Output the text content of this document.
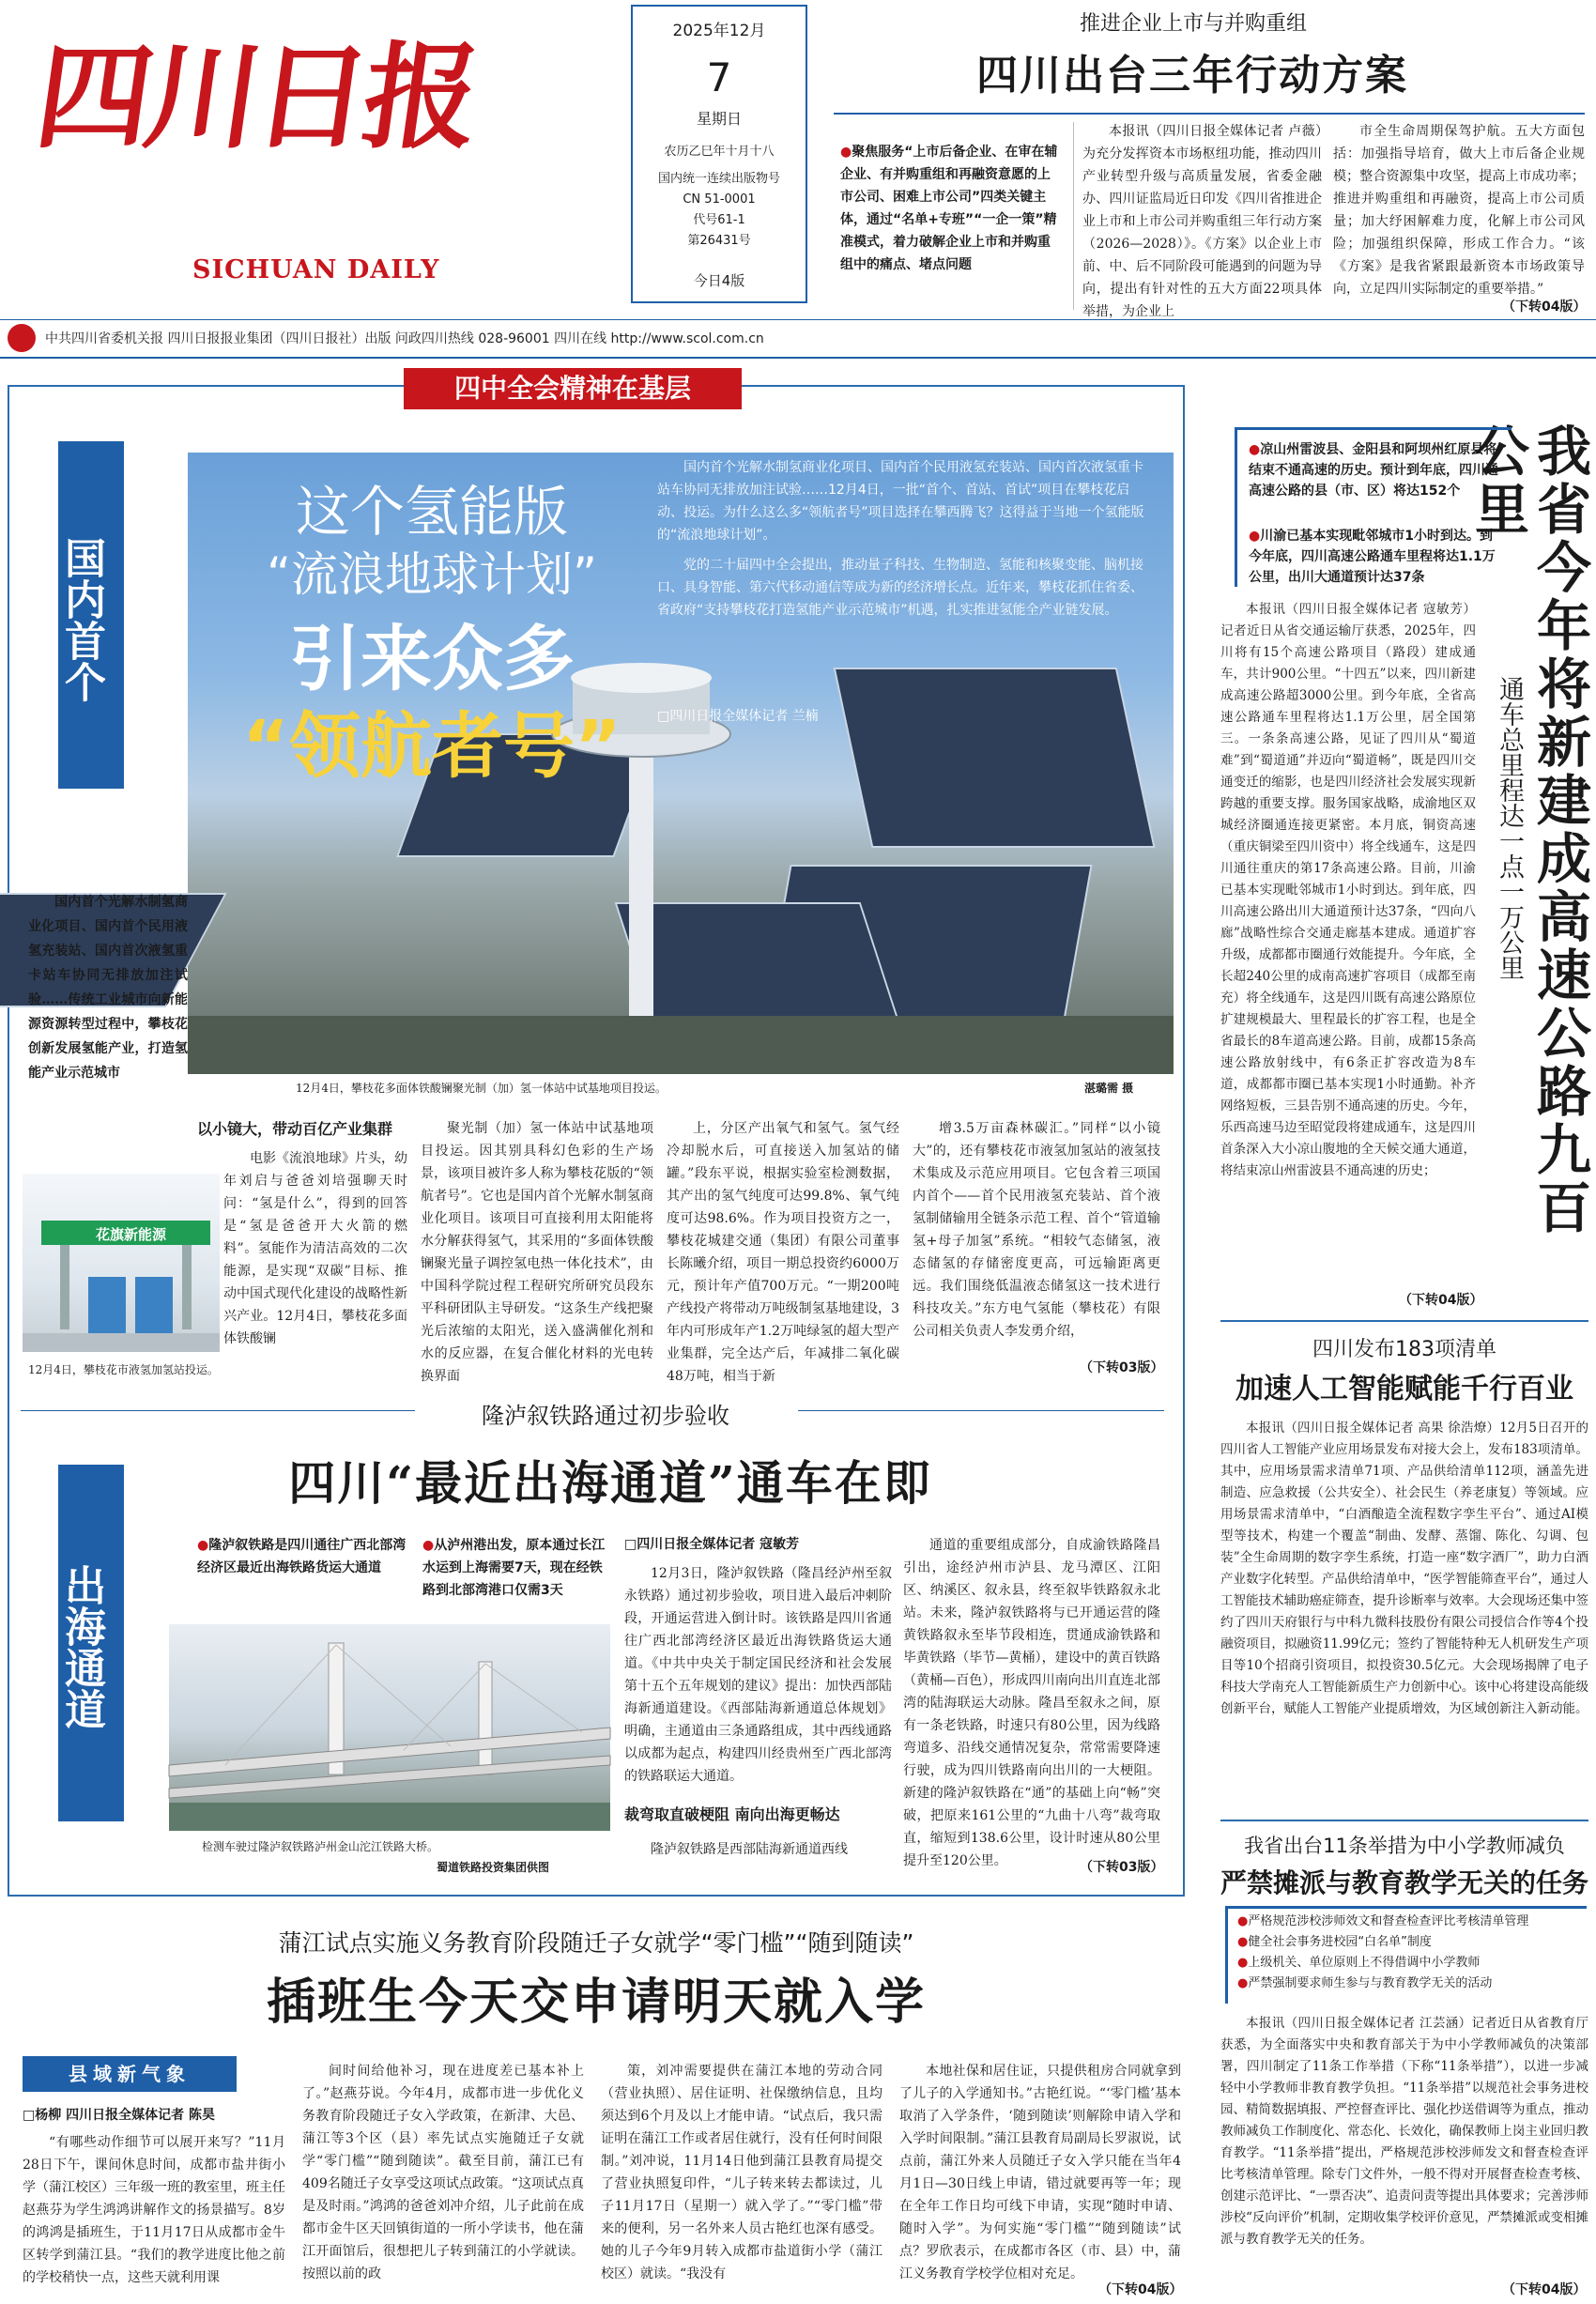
四川日报
SICHUAN DAILY
2025年12月
7
星期日
农历乙巳年十月十八
国内统一连续出版物号
CN 51-0001
代号61-1
第26431号
今日4版
推进企业上市与并购重组
四川出台三年行动方案
●聚焦服务“上市后备企业、在审在辅企业、有并购重组和再融资意愿的上市公司、困难上市公司”四类关键主体，通过“名单+专班”“一企一策”精准模式，着力破解企业上市和并购重组中的痛点、堵点问题

本报讯（四川日报全媒体记者 卢薇）为充分发挥资本市场枢纽功能，推动四川产业转型升级与高质量发展，省委金融办、四川证监局近日印发《四川省推进企业上市和上市公司并购重组三年行动方案（2026—2028）》。《方案》以企业上市前、中、后不同阶段可能遇到的问题为导向，提出有针对性的五大方面22项具体举措，为企业上

市全生命周期保驾护航。五大方面包括：加强指导培育，做大上市后备企业规模；整合资源集中攻坚，提高上市成功率；推进并购重组和再融资，提高上市公司质量；加大纾困解难力度，化解上市公司风险；加强组织保障，形成工作合力。“该《方案》是我省紧跟最新资本市场政策导向，立足四川实际制定的重要举措。”

（下转04版）
中共四川省委机关报 四川日报报业集团（四川日报社）出版 问政四川热线 028-96001 四川在线 http://www.scol.com.cn
四中全会精神在基层
国内首个
这个氢能版
“流浪地球计划”
引来众多
“领航者号”

国内首个光解水制氢商业化项目、国内首个民用液氢充装站、国内首次液氢重卡站车协同无排放加注试验……12月4日，一批“首个、首站、首试”项目在攀枝花启动、投运。为什么这么多“领航者号”项目选择在攀西腾飞？这得益于当地一个氢能版的“流浪地球计划”。

党的二十届四中全会提出，推动量子科技、生物制造、氢能和核聚变能、脑机接口、具身智能、第六代移动通信等成为新的经济增长点。近年来，攀枝花抓住省委、省政府“支持攀枝花打造氢能产业示范城市”机遇，扎实推进氢能全产业链发展。

□四川日报全媒体记者 兰楠
12月4日，攀枝花多面体铁酸镧聚光制（加）氢一体站中试基地项目投运。	湛璐需 摄

国内首个光解水制氢商业化项目、国内首个民用液氢充装站、国内首次液氢重卡站车协同无排放加注试验……传统工业城市向新能源资源转型过程中，攀枝花创新发展氢能产业，打造氢能产业示范城市

花旗新能源
12月4日，攀枝花市液氢加氢站投运。
以小镜大，带动百亿产业集群

电影《流浪地球》片头，幼年刘启与爸爸刘培强聊天时问：“氢是什么”，得到的回答是“氢是爸爸开大火箭的燃料”。氢能作为清洁高效的二次能源，是实现“双碳”目标、推动中国式现代化建设的战略性新兴产业。12月4日，攀枝花多面体铁酸镧

聚光制（加）氢一体站中试基地项目投运。因其别具科幻色彩的生产场景，该项目被许多人称为攀枝花版的“领航者号”。它也是国内首个光解水制氢商业化项目。该项目可直接利用太阳能将水分解获得氢气，其采用的“多面体铁酸镧聚光量子调控氢电热一体化技术”，由中国科学院过程工程研究所研究员段东平科研团队主导研发。“这条生产线把聚光后浓缩的太阳光，送入盛满催化剂和水的反应器，在复合催化材料的光电转换界面

上，分区产出氧气和氢气。氢气经冷却脱水后，可直接送入加氢站的储罐。”段东平说，根据实验室检测数据，其产出的氢气纯度可达99.8%、氧气纯度可达98.6%。作为项目投资方之一，攀枝花城建交通（集团）有限公司董事长陈曦介绍，项目一期总投资约6000万元，预计年产值700万元。“一期200吨产线投产将带动万吨级制氢基地建设，3年内可形成年产1.2万吨绿氢的超大型产业集群，完全达产后，年减排二氧化碳48万吨，相当于新

增3.5万亩森林碳汇。”同样“以小镜大”的，还有攀枝花市液氢加氢站的液氢技术集成及示范应用项目。它包含着三项国内首个——首个民用液氢充装站、首个液氢制储输用全链条示范工程、首个“管道输氢+母子加氢”系统。“相较气态储氢，液态储氢的存储密度更高，可远输距离更远。我们围绕低温液态储氢这一技术进行科技攻关。”东方电气氢能（攀枝花）有限公司相关负责人李发勇介绍，

（下转03版）
隆泸叙铁路通过初步验收
四川“最近出海通道”通车在即
出海通道
●隆泸叙铁路是四川通往广西北部湾经济区最近出海铁路货运大通道
●从泸州港出发，原本通过长江水运到上海需要7天，现在经铁路到北部湾港口仅需3天
检测车驶过隆泸叙铁路泸州金山沱江铁路大桥。
蜀道铁路投资集团供图
□四川日报全媒体记者 寇敏芳

12月3日，隆泸叙铁路（隆昌经泸州至叙永铁路）通过初步验收，项目进入最后冲刺阶段，开通运营进入倒计时。该铁路是四川省通往广西北部湾经济区最近出海铁路货运大通道。《中共中央关于制定国民经济和社会发展第十五个五年规划的建议》提出：加快西部陆海新通道建设。《西部陆海新通道总体规划》明确，主通道由三条通路组成，其中西线通路以成都为起点，构建四川经贵州至广西北部湾的铁路联运大通道。

裁弯取直破梗阻 南向出海更畅达

隆泸叙铁路是西部陆海新通道西线

通道的重要组成部分，自成渝铁路隆昌引出，途经泸州市泸县、龙马潭区、江阳区、纳溪区、叙永县，终至叙毕铁路叙永北站。未来，隆泸叙铁路将与已开通运营的隆黄铁路叙永至毕节段相连，贯通成渝铁路和毕黄铁路（毕节—黄桶），建设中的黄百铁路（黄桶—百色），形成四川南向出川直连北部湾的陆海联运大动脉。隆昌至叙永之间，原有一条老铁路，时速只有80公里，因为线路弯道多、沿线交通情况复杂，常常需要降速行驶，成为四川铁路南向出川的一大梗阻。新建的隆泸叙铁路在“通”的基础上向“畅”突破，把原来161公里的“九曲十八弯”裁弯取直，缩短到138.6公里，设计时速从80公里提升至120公里。	（下转03版）
我省今年将新建成高速公路九百公里
通车总里程达一点一万公里
●凉山州雷波县、金阳县和阿坝州红原县将结束不通高速的历史。预计到年底，四川通高速公路的县（市、区）将达152个
●川渝已基本实现毗邻城市1小时到达。到今年底，四川高速公路通车里程将达1.1万公里，出川大通道预计达37条

本报讯（四川日报全媒体记者 寇敏芳）记者近日从省交通运输厅获悉，2025年，四川将有15个高速公路项目（路段）建成通车，共计900公里。“十四五”以来，四川新建成高速公路超3000公里。到今年底，全省高速公路通车里程将达1.1万公里，居全国第三。一条条高速公路，见证了四川从“蜀道难”到“蜀道通”并迈向“蜀道畅”，既是四川交通变迁的缩影，也是四川经济社会发展实现新跨越的重要支撑。服务国家战略，成渝地区双城经济圈通连接更紧密。本月底，铜资高速（重庆铜梁至四川资中）将全线通车，这是四川通往重庆的第17条高速公路。目前，川渝已基本实现毗邻城市1小时到达。到年底，四川高速公路出川大通道预计达37条，“四向八廊”战略性综合交通走廊基本建成。通道扩容升级，成都都市圈通行效能提升。今年底，全长超240公里的成南高速扩容项目（成都至南充）将全线通车，这是四川既有高速公路原位扩建规模最大、里程最长的扩容工程，也是全省最长的8车道高速公路。目前，成都15条高速公路放射线中，有6条正扩容改造为8车道，成都都市圈已基本实现1小时通勤。补齐网络短板，三县告别不通高速的历史。今年，乐西高速马边至昭觉段将建成通车，这是四川首条深入大小凉山腹地的全天候交通大通道，将结束凉山州雷波县不通高速的历史；

（下转04版）
四川发布183项清单
加速人工智能赋能千行百业

本报讯（四川日报全媒体记者 高果 徐浩燎）12月5日召开的四川省人工智能产业应用场景发布对接大会上，发布183项清单。其中，应用场景需求清单71项、产品供给清单112项，涵盖先进制造、应急救援（公共安全）、社会民生（养老康复）等领域。应用场景需求清单中，“白酒酿造全流程数字孪生平台”、通过AI模型等技术，构建一个覆盖“制曲、发酵、蒸馏、陈化、勾调、包装”全生命周期的数字孪生系统，打造一座“数字酒厂”，助力白酒产业数字化转型。产品供给清单中，“医学智能筛查平台”，通过人工智能技术辅助癌症筛查，提升诊断率与效率。大会现场还集中签约了四川天府银行与中科九微科技股份有限公司授信合作等4个投融资项目，拟融资11.99亿元；签约了智能特种无人机研发生产项目等10个招商引资项目，拟投资30.5亿元。大会现场揭牌了电子科技大学南充人工智能新质生产力创新中心。该中心将建设高能级创新平台，赋能人工智能产业提质增效，为区域创新注入新动能。

我省出台11条举措为中小学教师减负
严禁摊派与教育教学无关的任务
●严格规范涉校涉师效文和督查检查评比考核清单管理
●健全社会事务进校园“白名单”制度
●上级机关、单位原则上不得借调中小学教师
●严禁强制要求师生参与与教育教学无关的活动

本报讯（四川日报全媒体记者 江芸涵）记者近日从省教育厅获悉，为全面落实中央和教育部关于为中小学教师减负的决策部署，四川制定了11条工作举措（下称“11条举措”），以进一步减轻中小学教师非教育教学负担。“11条举措”以规范社会事务进校园、精简数据填报、严控督查评比、强化抄送借调等为重点，推动教师减负工作制度化、常态化、长效化，确保教师上岗主业回归教育教学。“11条举措”提出，严格规范涉校涉师发文和督查检查评比考核清单管理。除专门文件外，一般不得对开展督查检查考核、创建示范评比、“一票否决”、追责问责等提出具体要求；完善涉师涉校“反向评价”机制，定期收集学校评价意见，严禁摊派或变相摊派与教育教学无关的任务。

（下转04版）
蒲江试点实施义务教育阶段随迁子女就学“零门槛”“随到随读”
插班生今天交申请明天就入学
县域新气象
□杨柳 四川日报全媒体记者 陈昊

“有哪些动作细节可以展开来写？”11月28日下午，课间休息时间，成都市盐井街小学（蒲江校区）三年级一班的教室里，班主任赵燕芬为学生鸿鸿讲解作文的扬景描写。8岁的鸿鸿是插班生，于11月17日从成都市金牛区转学到蒲江县。“我们的教学进度比他之前的学校稍快一点，这些天就利用课

间时间给他补习，现在进度差已基本补上了。”赵燕芬说。今年4月，成都市进一步优化义务教育阶段随迁子女入学政策，在新津、大邑、蒲江等3个区（县）率先试点实施随迁子女就学“零门槛”“随到随读”。截至目前，蒲江已有409名随迁子女享受这项试点政策。“这项试点真是及时雨。”鸿鸿的爸爸刘冲介绍，儿子此前在成都市金牛区天回镇街道的一所小学读书，他在蒲江开面馆后，很想把儿子转到蒲江的小学就读。按照以前的政

策，刘冲需要提供在蒲江本地的劳动合同（营业执照）、居住证明、社保缴纳信息，且均须达到6个月及以上才能申请。“试点后，我只需证明在蒲江工作或者居住就行，没有任何时间限制。”刘冲说，11月14日他到蒲江县教育局提交了营业执照复印件，“儿子转来转去都读过，儿子11月17日（星期一）就入学了。”“零门槛”带来的便利，另一名外来人员古艳红也深有感受。她的儿子今年9月转入成都市盐道街小学（蒲江校区）就读。“我没有

本地社保和居住证，只提供租房合同就拿到了儿子的入学通知书。”古艳红说。“‘零门槛’基本取消了入学条件，‘随到随读’则解除申请入学和入学时间限制。”蒲江县教育局副局长罗淑说，试点前，蒲江外来人员随迁子女入学只能在当年4月1日—30日线上申请，错过就要再等一年；现在全年工作日均可线下申请，实现“随时申请、随时入学”。为何实施“零门槛”“随到随读”试点？罗欣表示，在成都市各区（市、县）中，蒲江义务教育学校学位相对充足。

（下转04版）
